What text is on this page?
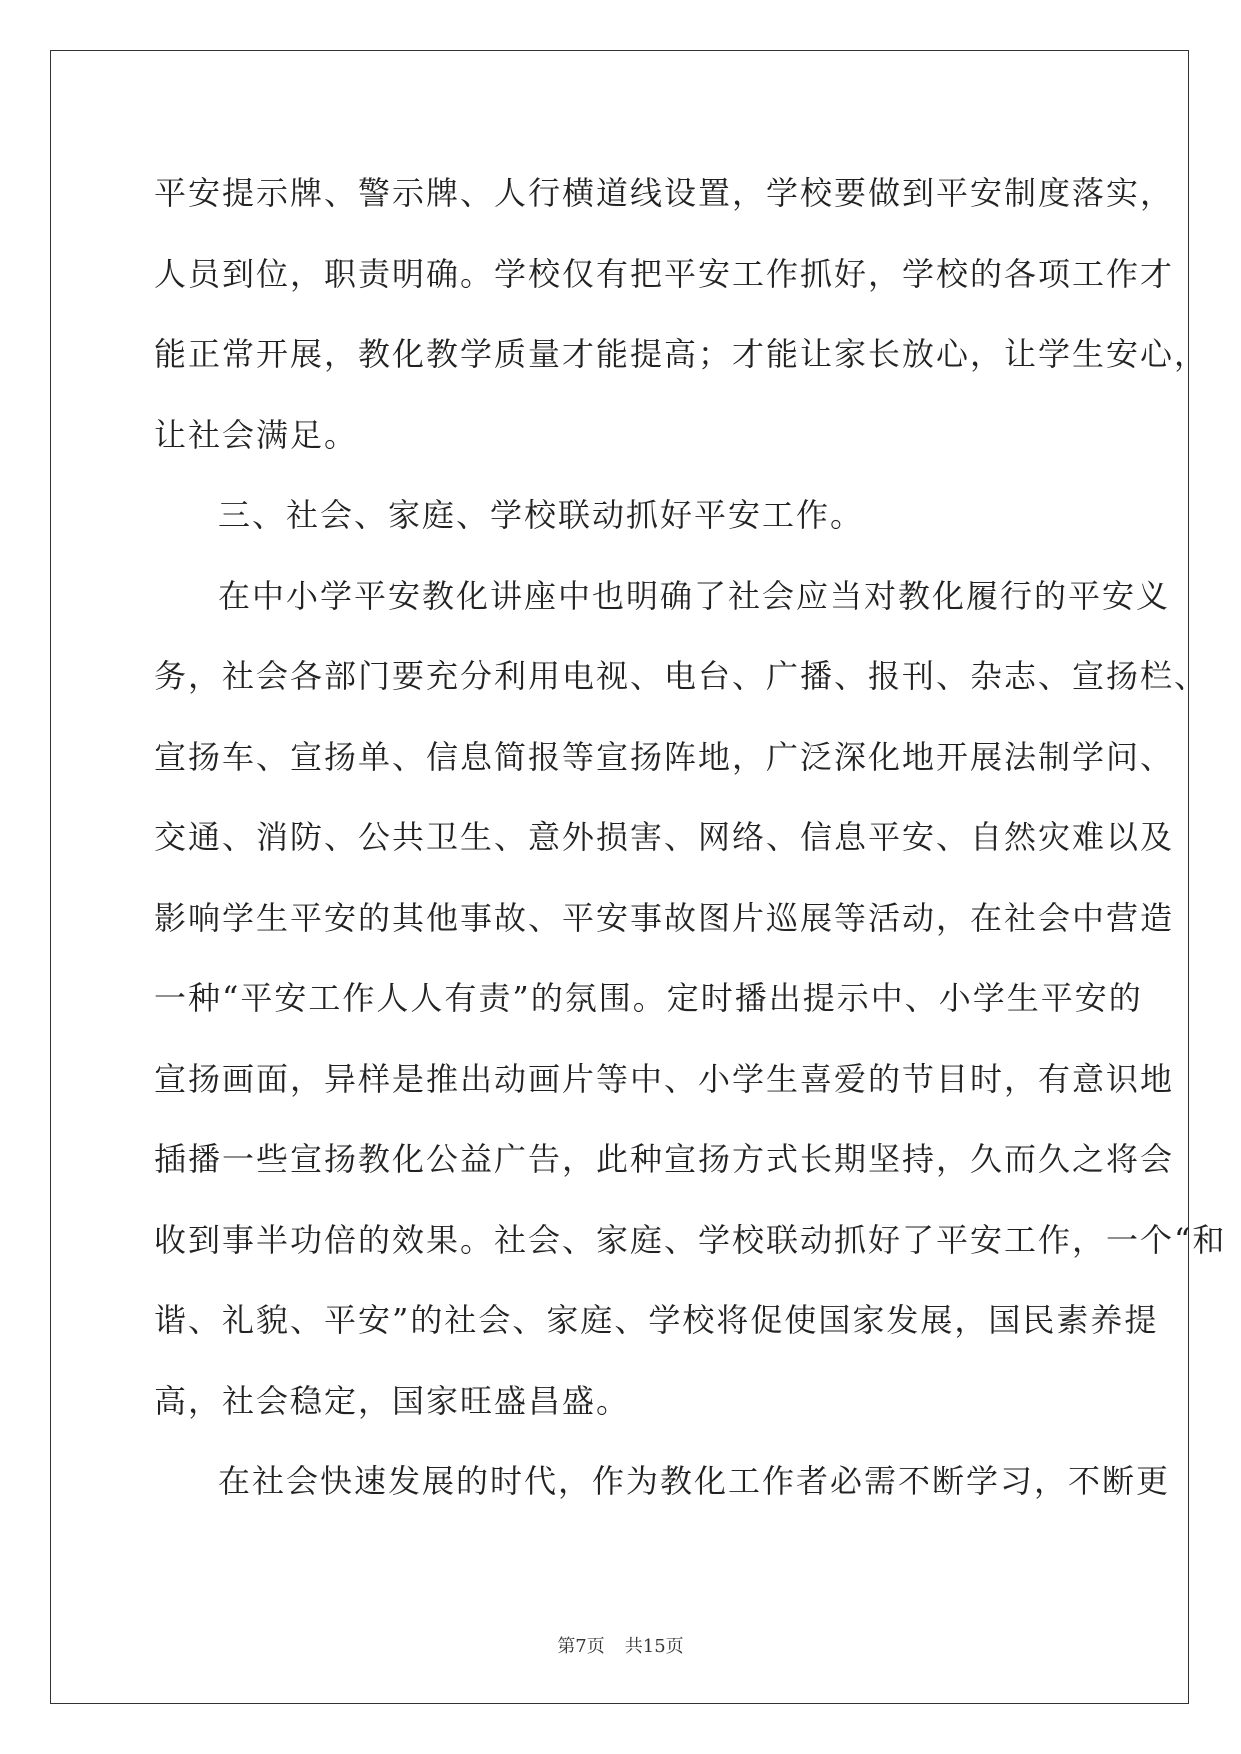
平安提示牌、警示牌、人行横道线设置，学校要做到平安制度落实，
人员到位，职责明确。学校仅有把平安工作抓好，学校的各项工作才
能正常开展，教化教学质量才能提高；才能让家长放心，让学生安心，
让社会满足。
三、社会、家庭、学校联动抓好平安工作。
在中小学平安教化讲座中也明确了社会应当对教化履行的平安义
务，社会各部门要充分利用电视、电台、广播、报刊、杂志、宣扬栏、
宣扬车、宣扬单、信息简报等宣扬阵地，广泛深化地开展法制学问、
交通、消防、公共卫生、意外损害、网络、信息平安、自然灾难以及
影响学生平安的其他事故、平安事故图片巡展等活动，在社会中营造
一种“平安工作人人有责”的氛围。定时播出提示中、小学生平安的
宣扬画面，异样是推出动画片等中、小学生喜爱的节目时，有意识地
插播一些宣扬教化公益广告，此种宣扬方式长期坚持，久而久之将会
收到事半功倍的效果。社会、家庭、学校联动抓好了平安工作，一个“和
谐、礼貌、平安”的社会、家庭、学校将促使国家发展，国民素养提
高，社会稳定，国家旺盛昌盛。
在社会快速发展的时代，作为教化工作者必需不断学习，不断更
第7页 共15页
